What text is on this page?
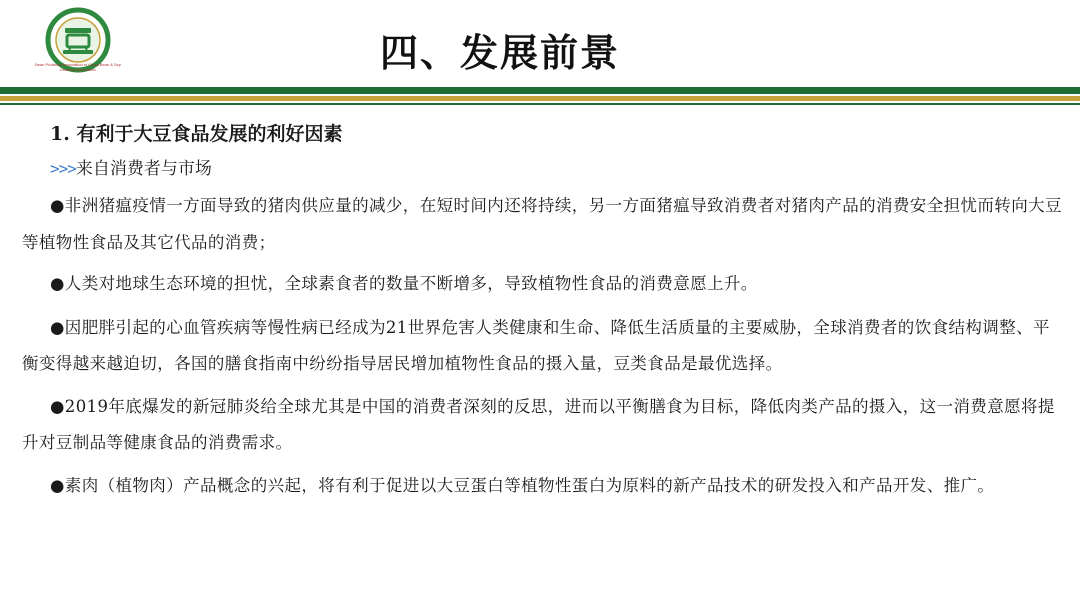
Bean Products Association of China Bean & Soy Industry Association	四、发展前景
1. 有利于大豆食品发展的利好因素
>>>来自消费者与市场

●非洲猪瘟疫情一方面导致的猪肉供应量的减少，在短时间内还将持续，另一方面猪瘟导致消费者对猪肉产品的消费安全担忧而转向大豆等植物性食品及其它代品的消费；

●人类对地球生态环境的担忧，全球素食者的数量不断增多，导致植物性食品的消费意愿上升。

●因肥胖引起的心血管疾病等慢性病已经成为21世界危害人类健康和生命、降低生活质量的主要威胁，全球消费者的饮食结构调整、平衡变得越来越迫切，各国的膳食指南中纷纷指导居民增加植物性食品的摄入量，豆类食品是最优选择。

●2019年底爆发的新冠肺炎给全球尤其是中国的消费者深刻的反思，进而以平衡膳食为目标，降低肉类产品的摄入，这一消费意愿将提升对豆制品等健康食品的消费需求。

●素肉（植物肉）产品概念的兴起，将有利于促进以大豆蛋白等植物性蛋白为原料的新产品技术的研发投入和产品开发、推广。
